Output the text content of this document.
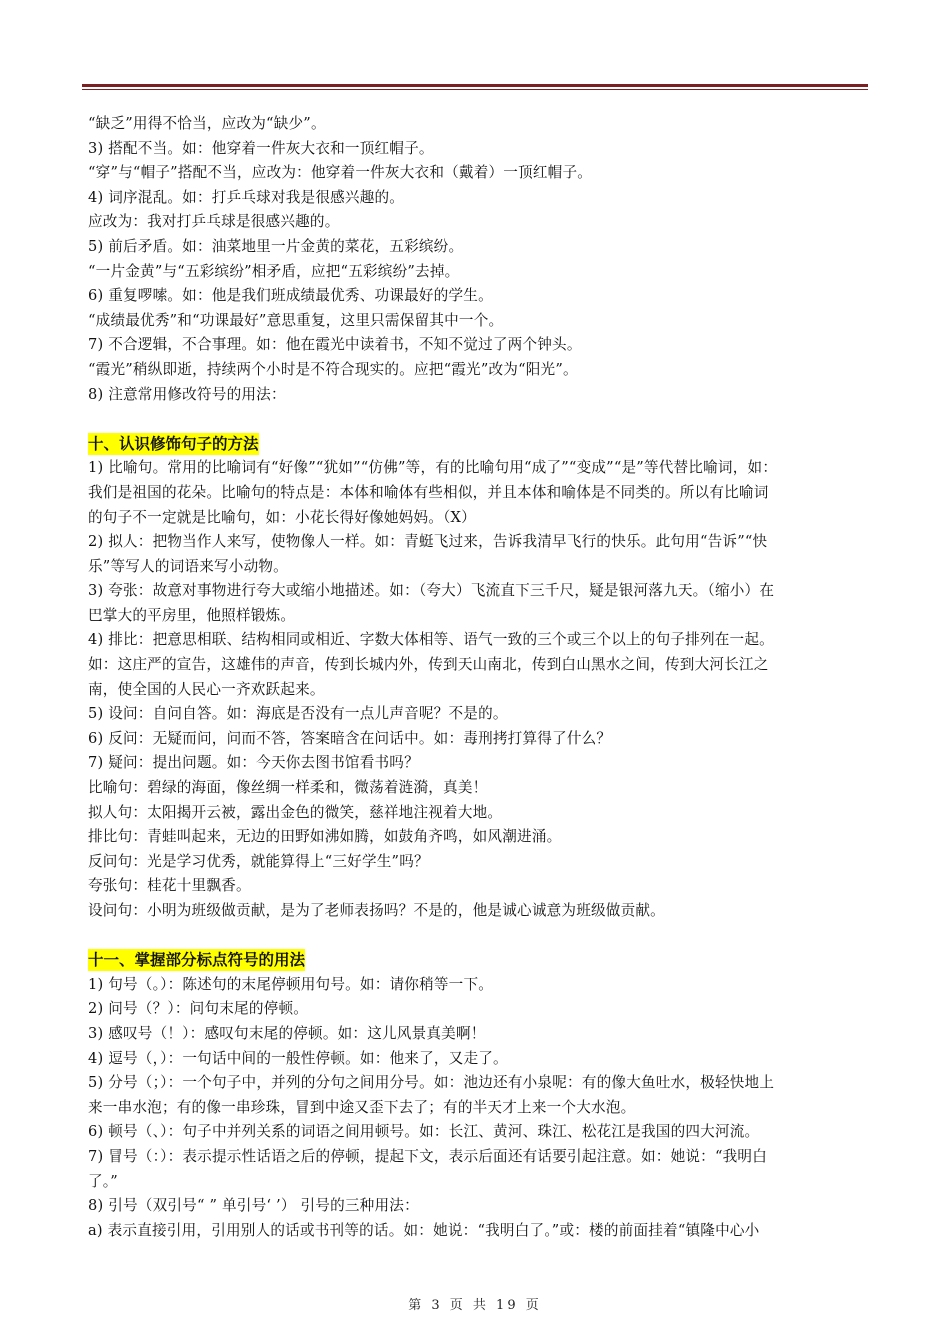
“缺乏”用得不恰当，应改为“缺少”。
3) 搭配不当。如：他穿着一件灰大衣和一顶红帽子。
“穿”与“帽子”搭配不当，应改为：他穿着一件灰大衣和（戴着）一顶红帽子。
4) 词序混乱。如：打乒乓球对我是很感兴趣的。
应改为：我对打乒乓球是很感兴趣的。
5) 前后矛盾。如：油菜地里一片金黄的菜花，五彩缤纷。
“一片金黄”与“五彩缤纷”相矛盾，应把“五彩缤纷”去掉。
6) 重复啰嗦。如：他是我们班成绩最优秀、功课最好的学生。
“成绩最优秀”和“功课最好”意思重复，这里只需保留其中一个。
7) 不合逻辑，不合事理。如：他在霞光中读着书，不知不觉过了两个钟头。
“霞光”稍纵即逝，持续两个小时是不符合现实的。应把“霞光”改为“阳光”。
8) 注意常用修改符号的用法：
十、认识修饰句子的方法
1) 比喻句。常用的比喻词有“好像”“犹如”“仿佛”等，有的比喻句用“成了”“变成”“是”等代替比喻词，如：
我们是祖国的花朵。比喻句的特点是：本体和喻体有些相似，并且本体和喻体是不同类的。所以有比喻词
的句子不一定就是比喻句，如：小花长得好像她妈妈。（X）
2) 拟人：把物当作人来写，使物像人一样。如：青蜓飞过来，告诉我清早飞行的快乐。此句用“告诉”“快
乐”等写人的词语来写小动物。
3) 夸张：故意对事物进行夸大或缩小地描述。如：（夸大）飞流直下三千尺，疑是银河落九天。（缩小）在
巴掌大的平房里，他照样锻炼。
4) 排比：把意思相联、结构相同或相近、字数大体相等、语气一致的三个或三个以上的句子排列在一起。
如：这庄严的宣告，这雄伟的声音，传到长城内外，传到天山南北，传到白山黑水之间，传到大河长江之
南，使全国的人民心一齐欢跃起来。
5) 设问：自问自答。如：海底是否没有一点儿声音呢？不是的。
6) 反问：无疑而问，问而不答，答案暗含在问话中。如：毒刑拷打算得了什么？
7) 疑问：提出问题。如：今天你去图书馆看书吗？
比喻句：碧绿的海面，像丝绸一样柔和，微荡着涟漪，真美！
拟人句：太阳揭开云被，露出金色的微笑，慈祥地注视着大地。
排比句：青蛙叫起来，无边的田野如沸如腾，如鼓角齐鸣，如风潮进涌。
反问句：光是学习优秀，就能算得上“三好学生”吗？
夸张句：桂花十里飘香。
设问句：小明为班级做贡献，是为了老师表扬吗？不是的，他是诚心诚意为班级做贡献。
十一、掌握部分标点符号的用法
1) 句号（。）：陈述句的末尾停顿用句号。如：请你稍等一下。
2) 问号（？）：问句末尾的停顿。
3) 感叹号（！）：感叹句末尾的停顿。如：这儿风景真美啊！
4) 逗号（，）：一句话中间的一般性停顿。如：他来了，又走了。
5) 分号（；）：一个句子中，并列的分句之间用分号。如：池边还有小泉呢：有的像大鱼吐水，极轻快地上
来一串水泡；有的像一串珍珠，冒到中途又歪下去了；有的半天才上来一个大水泡。
6) 顿号（、）：句子中并列关系的词语之间用顿号。如：长江、黄河、珠江、松花江是我国的四大河流。
7) 冒号（：）：表示提示性话语之后的停顿，提起下文，表示后面还有话要引起注意。如：她说：“我明白
了。”
8) 引号（双引号“ ” 单引号‘ ’） 引号的三种用法：
a) 表示直接引用，引用别人的话或书刊等的话。如：她说：“我明白了。”或：楼的前面挂着“镇隆中心小
第 3 页 共 19 页
